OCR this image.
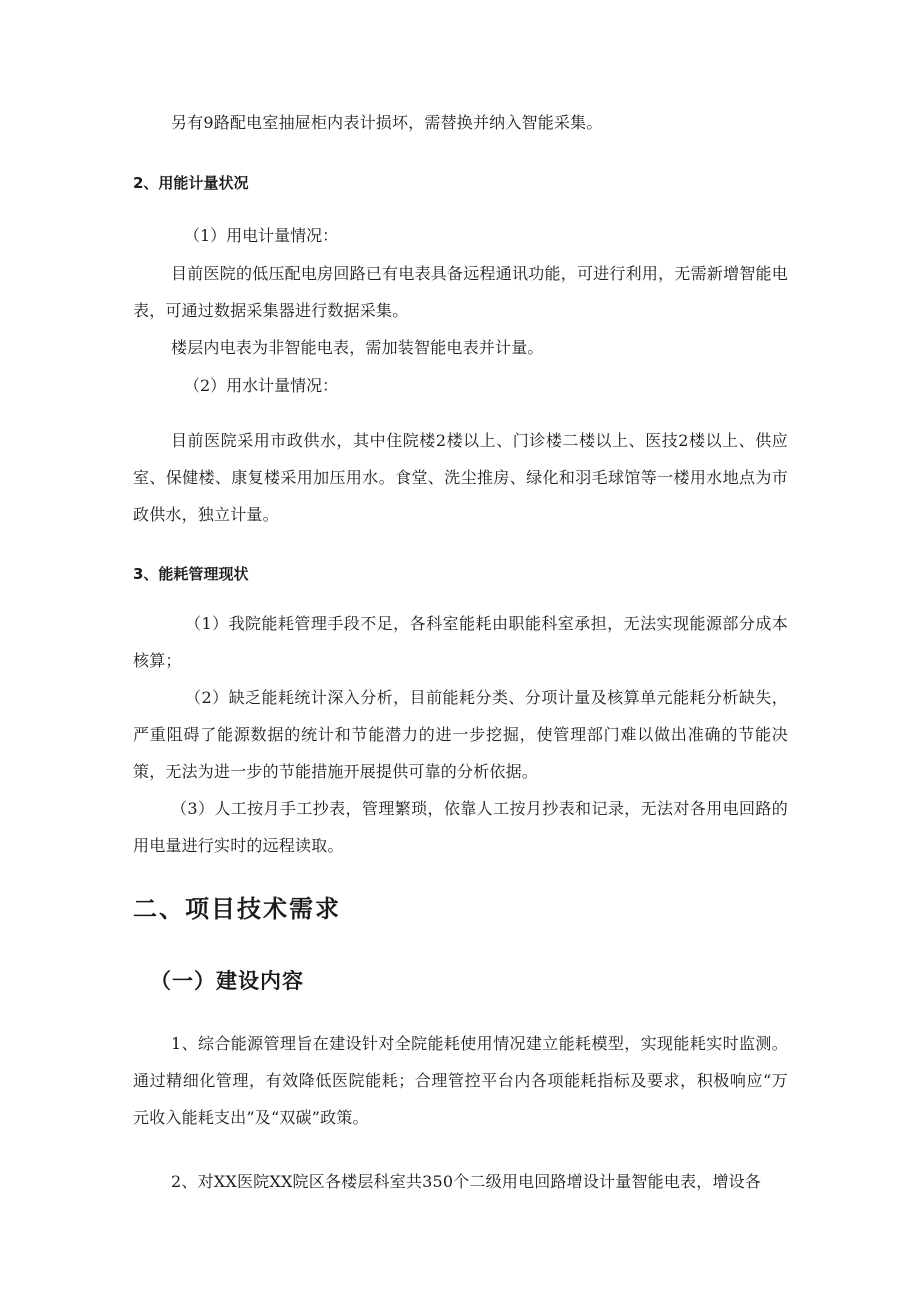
另有9路配电室抽屉柜内表计损坏，需替换并纳入智能采集。

2、用能计量状况

（1）用电计量情况：

目前医院的低压配电房回路已有电表具备远程通讯功能，可进行利用，无需新增智能电表，可通过数据采集器进行数据采集。

楼层内电表为非智能电表，需加装智能电表并计量。

（2）用水计量情况：

目前医院采用市政供水，其中住院楼2楼以上、门诊楼二楼以上、医技2楼以上、供应室、保健楼、康复楼采用加压用水。食堂、洗尘推房、绿化和羽毛球馆等一楼用水地点为市政供水，独立计量。

3、能耗管理现状

（1）我院能耗管理手段不足，各科室能耗由职能科室承担，无法实现能源部分成本核算；

（2）缺乏能耗统计深入分析，目前能耗分类、分项计量及核算单元能耗分析缺失，严重阻碍了能源数据的统计和节能潜力的进一步挖掘，使管理部门难以做出准确的节能决策，无法为进一步的节能措施开展提供可靠的分析依据。

（3）人工按月手工抄表，管理繁琐，依靠人工按月抄表和记录，无法对各用电回路的用电量进行实时的远程读取。

二、项目技术需求
（一）建设内容

1、综合能源管理旨在建设针对全院能耗使用情况建立能耗模型，实现能耗实时监测。通过精细化管理，有效降低医院能耗；合理管控平台内各项能耗指标及要求，积极响应“万元收入能耗支出”及“双碳”政策。

2、对XX医院XX院区各楼层科室共350个二级用电回路增设计量智能电表，增设各
